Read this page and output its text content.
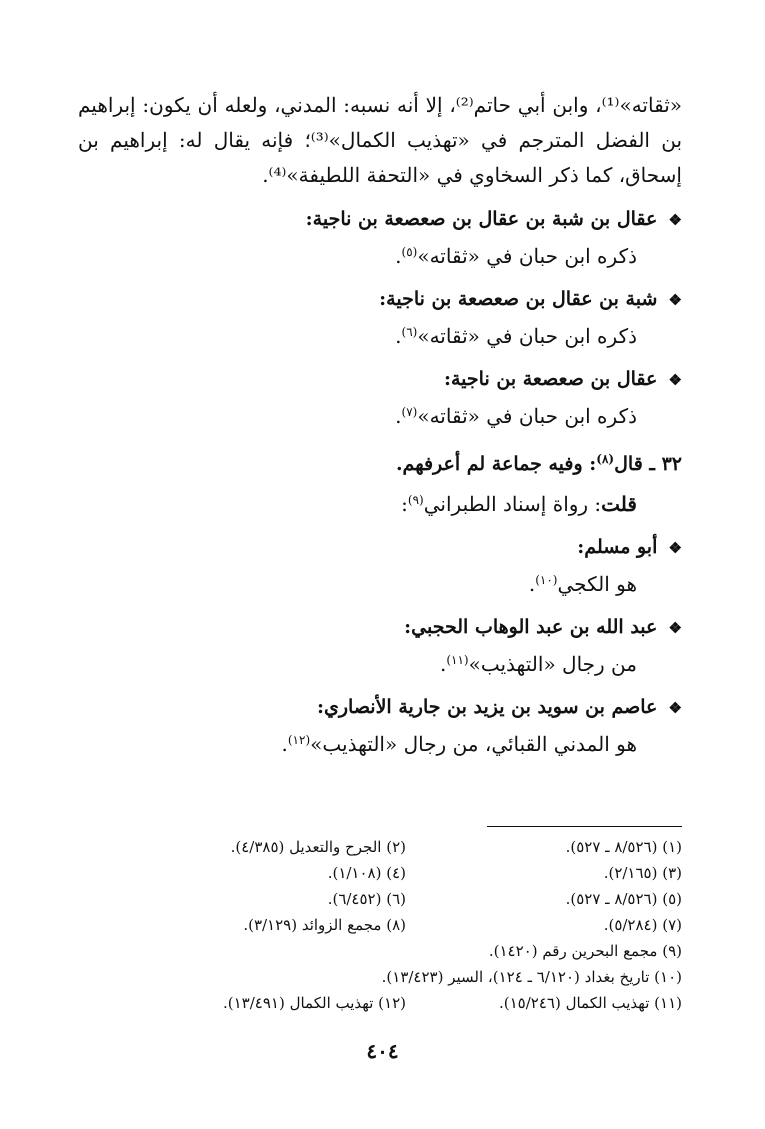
«ثقاته»⁽¹⁾، وابن أبي حاتم⁽²⁾، إلا أنه نسبه: المدني، ولعله أن يكون: إبراهيم بن الفضل المترجم في «تهذيب الكمال»⁽³⁾؛ فإنه يقال له: إبراهيم بن إسحاق، كما ذكر السخاوي في «التحفة اللطيفة»⁽⁴⁾.

❖ عقال بن شبة بن عقال بن صعصعة بن ناجية:
ذكره ابن حبان في «ثقاته»$^{(٥)}$.
❖ شبة بن عقال بن صعصعة بن ناجية:
ذكره ابن حبان في «ثقاته»$^{(٦)}$.
❖ عقال بن صعصعة بن ناجية:
ذكره ابن حبان في «ثقاته»$^{(٧)}$.
٣٢ ـ قال$^{(٨)}$: وفيه جماعة لم أعرفهم.
قلت: رواة إسناد الطبراني$^{(٩)}$:
❖ أبو مسلم:
هو الكجي$^{(١٠)}$.
❖ عبد الله بن عبد الوهاب الحجبي:
من رجال «التهذيب»$^{(١١)}$.
❖ عاصم بن سويد بن يزيد بن جارية الأنصاري:
هو المدني القبائي، من رجال «التهذيب»$^{(١٢)}$.
(١) (٨/٥٢٦ ـ ٥٢٧).
(٢) الجرح والتعديل (٤/٣٨٥).
(٣) (٢/١٦٥).
(٤) (١/١٠٨).
(٥) (٨/٥٢٦ ـ ٥٢٧).
(٦) (٦/٤٥٢).
(٧) (٥/٢٨٤).
(٨) مجمع الزوائد (٣/١٢٩).
(٩) مجمع البحرين رقم (١٤٢٠).
(١٠) تاريخ بغداد (٦/١٢٠ ـ ١٢٤)، السير (١٣/٤٢٣).
(١١) تهذيب الكمال (١٥/٢٤٦).
(١٢) تهذيب الكمال (١٣/٤٩١).
٤٠٤
